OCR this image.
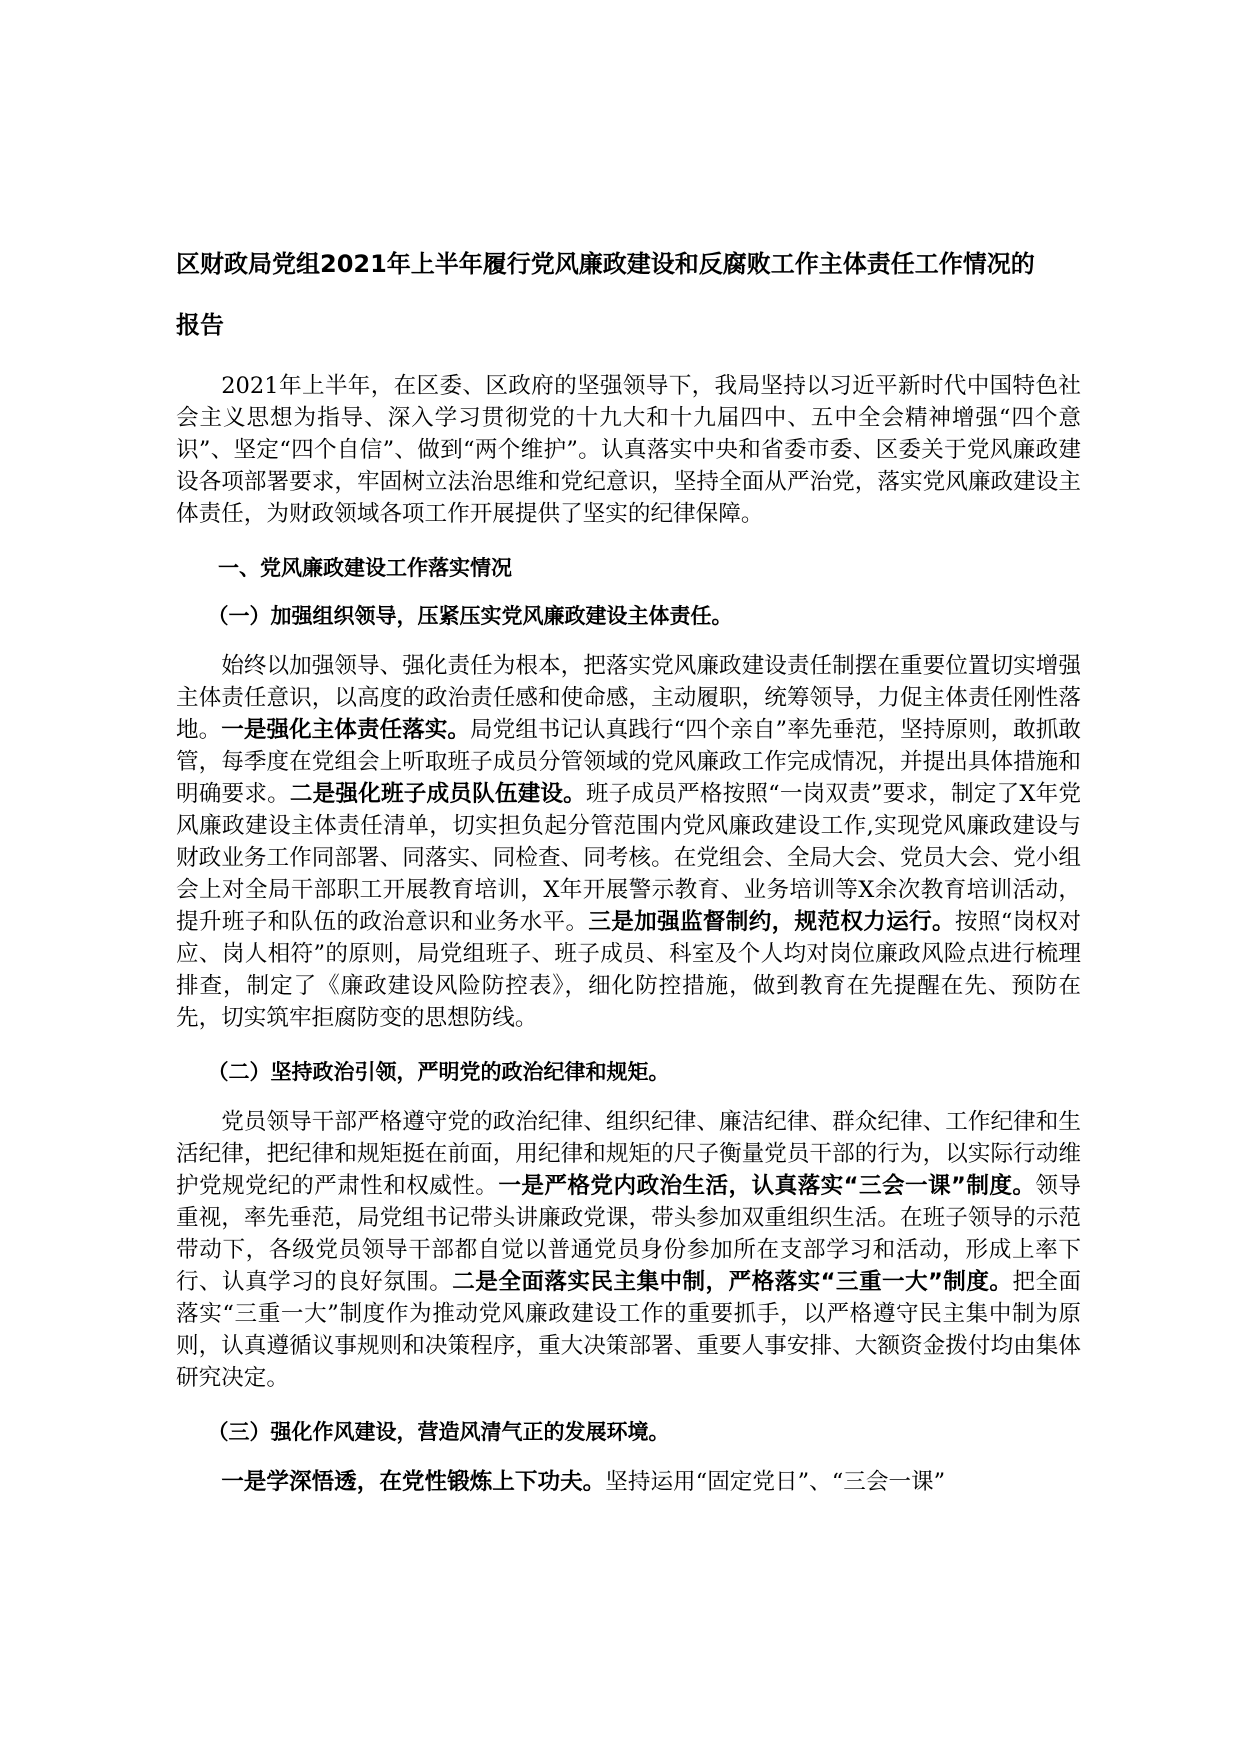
区财政局党组2021年上半年履行党风廉政建设和反腐败工作主体责任工作情况的
报告

2021年上半年，在区委、区政府的坚强领导下，我局坚持以习近平新时代中国特色社会主义思想为指导、深入学习贯彻党的十九大和十九届四中、五中全会精神增强“四个意识”、坚定“四个自信”、做到“两个维护”。认真落实中央和省委市委、区委关于党风廉政建设各项部署要求，牢固树立法治思维和党纪意识，坚持全面从严治党，落实党风廉政建设主体责任，为财政领域各项工作开展提供了坚实的纪律保障。

一、党风廉政建设工作落实情况

（一）加强组织领导，压紧压实党风廉政建设主体责任。

始终以加强领导、强化责任为根本，把落实党风廉政建设责任制摆在重要位置切实增强主体责任意识，以高度的政治责任感和使命感，主动履职，统筹领导，力促主体责任刚性落地。一是强化主体责任落实。局党组书记认真践行“四个亲自”率先垂范，坚持原则，敢抓敢管，每季度在党组会上听取班子成员分管领域的党风廉政工作完成情况，并提出具体措施和明确要求。二是强化班子成员队伍建设。班子成员严格按照“一岗双责”要求，制定了X年党风廉政建设主体责任清单，切实担负起分管范围内党风廉政建设工作,实现党风廉政建设与财政业务工作同部署、同落实、同检查、同考核。在党组会、全局大会、党员大会、党小组会上对全局干部职工开展教育培训，X年开展警示教育、业务培训等X余次教育培训活动，提升班子和队伍的政治意识和业务水平。三是加强监督制约，规范权力运行。按照“岗权对应、岗人相符”的原则，局党组班子、班子成员、科室及个人均对岗位廉政风险点进行梳理排查，制定了《廉政建设风险防控表》，细化防控措施，做到教育在先提醒在先、预防在先，切实筑牢拒腐防变的思想防线。

（二）坚持政治引领，严明党的政治纪律和规矩。

党员领导干部严格遵守党的政治纪律、组织纪律、廉洁纪律、群众纪律、工作纪律和生活纪律，把纪律和规矩挺在前面，用纪律和规矩的尺子衡量党员干部的行为，以实际行动维护党规党纪的严肃性和权威性。一是严格党内政治生活，认真落实“三会一课”制度。领导重视，率先垂范，局党组书记带头讲廉政党课，带头参加双重组织生活。在班子领导的示范带动下，各级党员领导干部都自觉以普通党员身份参加所在支部学习和活动，形成上率下行、认真学习的良好氛围。二是全面落实民主集中制，严格落实“三重一大”制度。把全面落实“三重一大”制度作为推动党风廉政建设工作的重要抓手，以严格遵守民主集中制为原则，认真遵循议事规则和决策程序，重大决策部署、重要人事安排、大额资金拨付均由集体研究决定。

（三）强化作风建设，营造风清气正的发展环境。

一是学深悟透，在党性锻炼上下功夫。坚持运用“固定党日”、“三会一课”
